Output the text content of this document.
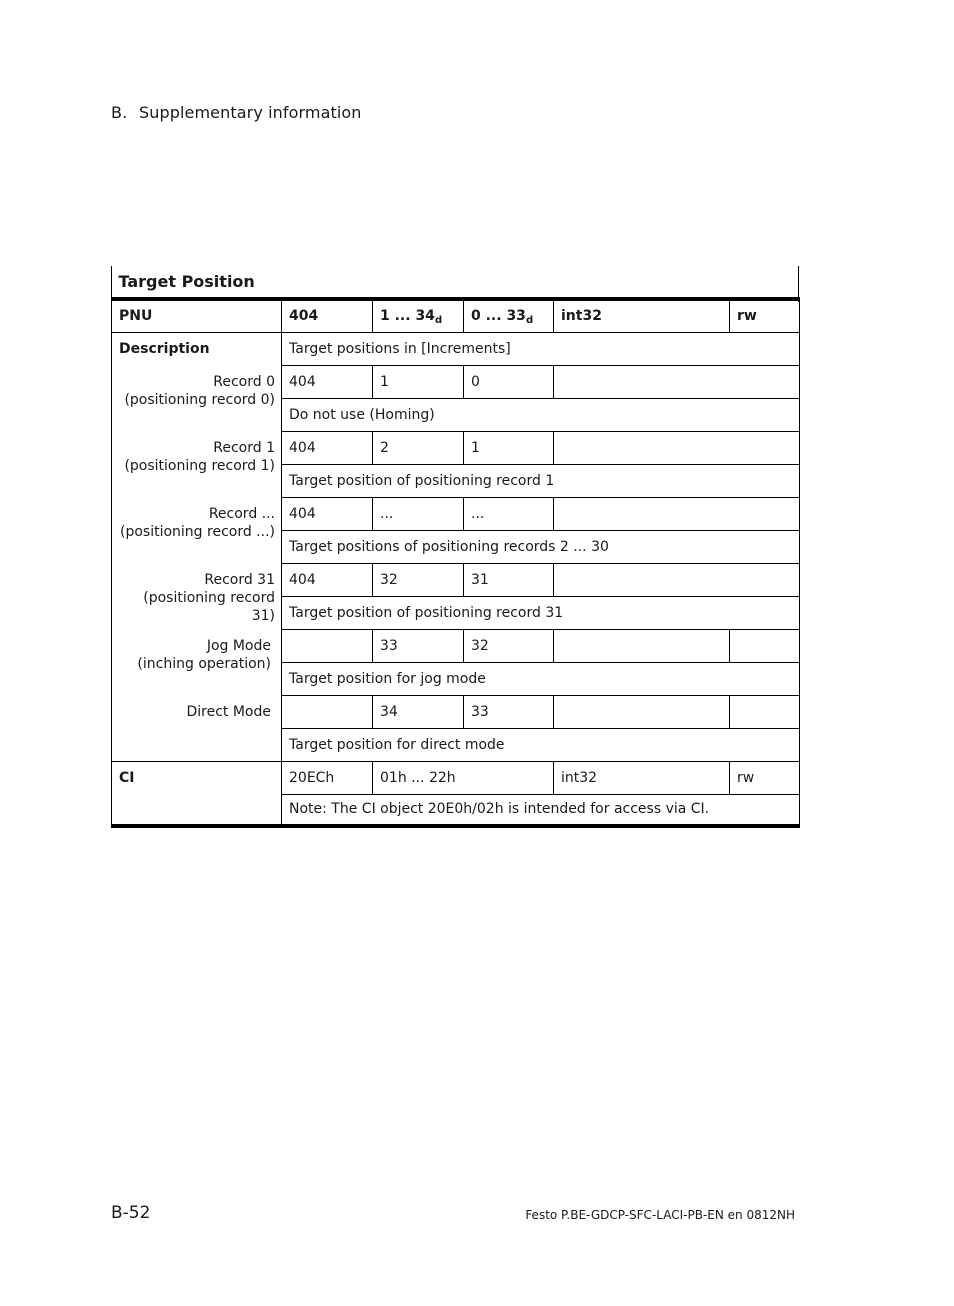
B. Supplementary information
Target Position					
PNU	404	1 ... $34_d$	0 ... $33_d$	int32	rw
Description	Target positions in [Increments]				
Record 0
(positioning record 0)	404	1	0		
	Do not use (Homing)				
Record 1
(positioning record 1)	404	2	1		
	Target position of positioning record 1				
Record ...
(positioning record ...)	404	...	...		
	Target positions of positioning records 2 ... 30				
Record 31
(positioning record 31)	404	32	31		
	Target position of positioning record 31				
Jog Mode
(inching operation)		33	32		
	Target position for jog mode				
Direct Mode		34	33		
	Target position for direct mode				
CI	20ECh	01h ... 22h		int32	rw
	Note: The CI object 20E0h/02h is intended for access via CI.				
B-52	Festo P.BE-GDCP-SFC-LACI-PB-EN en 0812NH
